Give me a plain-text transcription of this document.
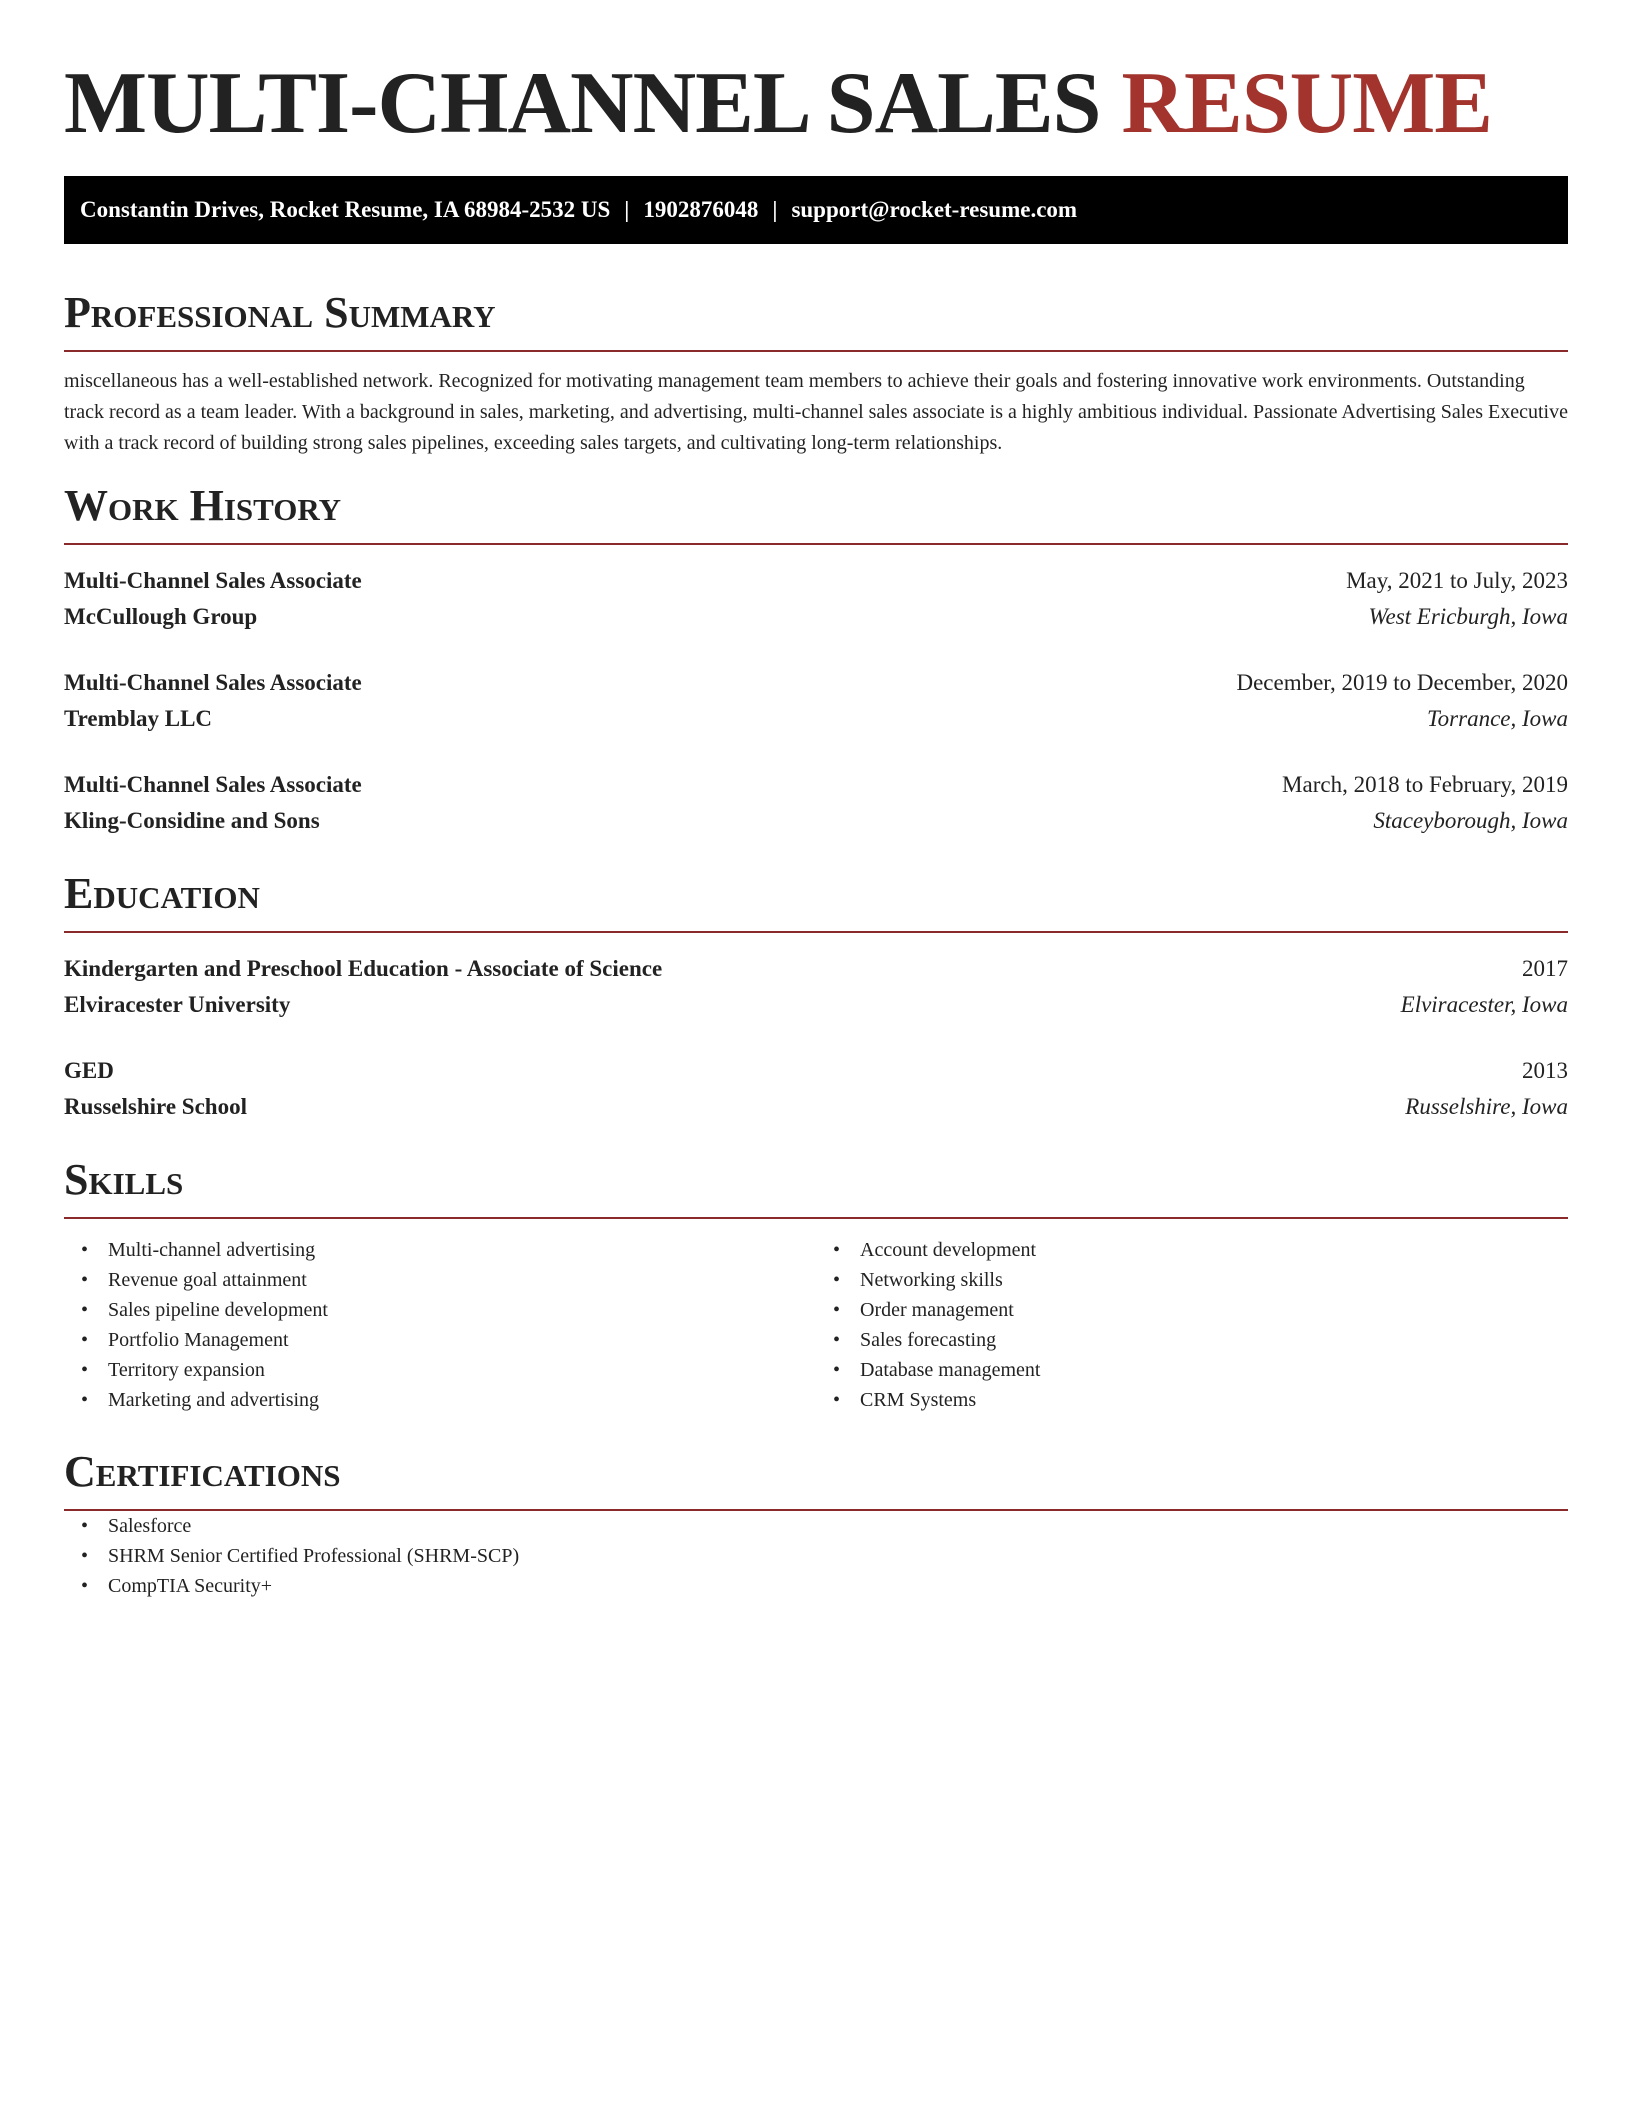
MULTI-CHANNEL SALES RESUME
Constantin Drives, Rocket Resume, IA 68984-2532 US | 1902876048 | support@rocket-resume.com
Professional Summary

miscellaneous has a well-established network. Recognized for motivating management team members to achieve their goals and fostering innovative work environments. Outstanding track record as a team leader. With a background in sales, marketing, and advertising, multi-channel sales associate is a highly ambitious individual. Passionate Advertising Sales Executive with a track record of building strong sales pipelines, exceeding sales targets, and cultivating long-term relationships.

Work History
Multi-Channel Sales Associate	May, 2021 to July, 2023
McCullough Group	West Ericburgh, Iowa
Multi-Channel Sales Associate	December, 2019 to December, 2020
Tremblay LLC	Torrance, Iowa
Multi-Channel Sales Associate	March, 2018 to February, 2019
Kling-Considine and Sons	Staceyborough, Iowa
Education
Kindergarten and Preschool Education - Associate of Science	2017
Elviracester University	Elviracester, Iowa
GED	2013
Russelshire School	Russelshire, Iowa
Skills
• Multi-channel advertising
• Revenue goal attainment
• Sales pipeline development
• Portfolio Management
• Territory expansion
• Marketing and advertising
• Account development
• Networking skills
• Order management
• Sales forecasting
• Database management
• CRM Systems
Certifications
• Salesforce
• SHRM Senior Certified Professional (SHRM-SCP)
• CompTIA Security+
